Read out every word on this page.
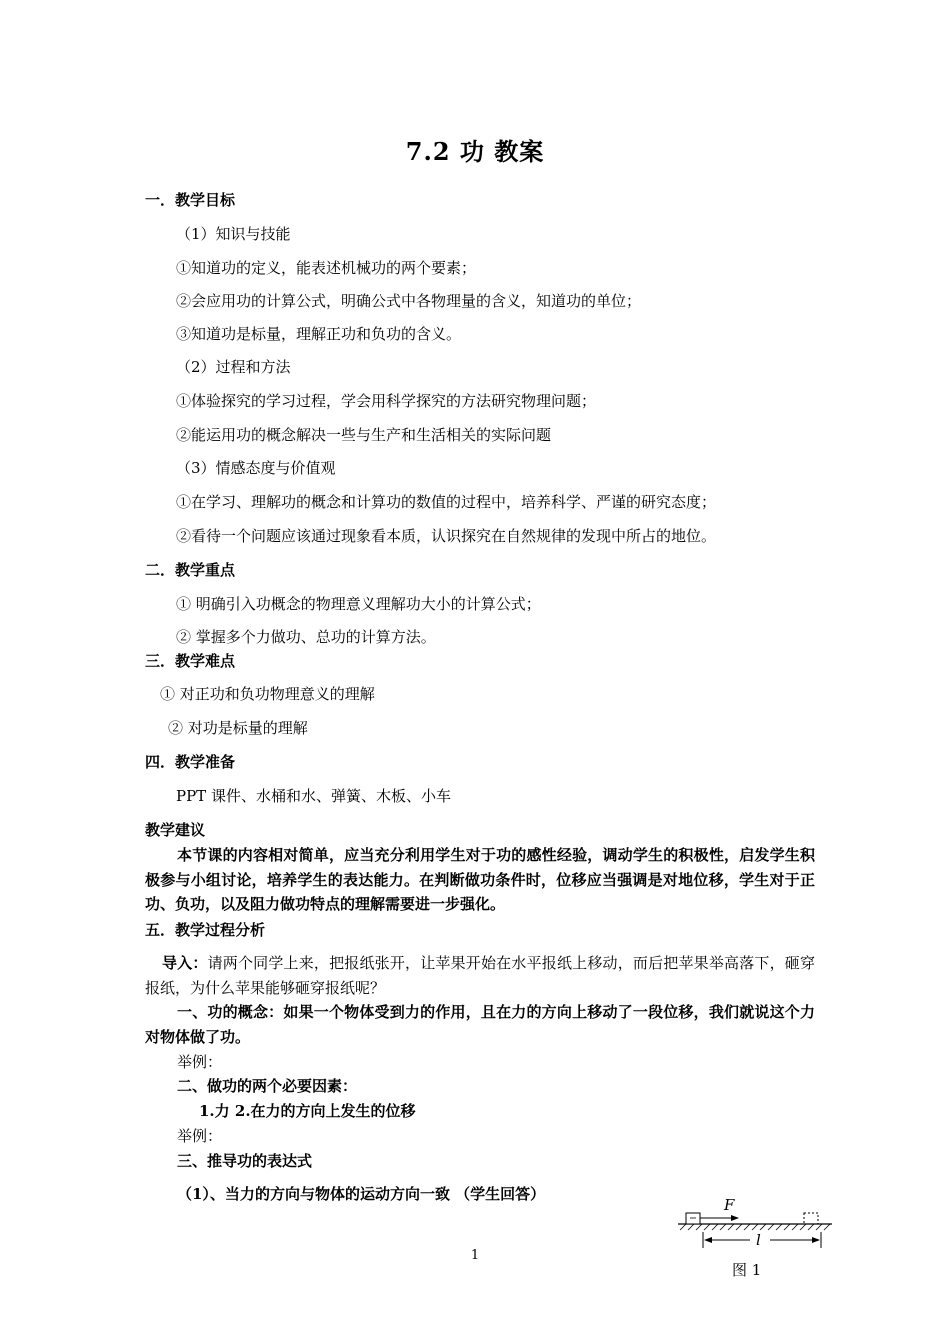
7.2 功 教案
一．教学目标
（1）知识与技能
①知道功的定义，能表述机械功的两个要素；
②会应用功的计算公式，明确公式中各物理量的含义，知道功的单位；
③知道功是标量，理解正功和负功的含义。
（2）过程和方法
①体验探究的学习过程，学会用科学探究的方法研究物理问题；
②能运用功的概念解决一些与生产和生活相关的实际问题
（3）情感态度与价值观
①在学习、理解功的概念和计算功的数值的过程中，培养科学、严谨的研究态度；
②看待一个问题应该通过现象看本质，认识探究在自然规律的发现中所占的地位。
二．教学重点
① 明确引入功概念的物理意义理解功大小的计算公式；
② 掌握多个力做功、总功的计算方法。
三．教学难点
① 对正功和负功物理意义的理解
② 对功是标量的理解
四．教学准备
PPT 课件、水桶和水、弹簧、木板、小车
教学建议
本节课的内容相对简单，应当充分利用学生对于功的感性经验，调动学生的积极性，启发学生积极参与小组讨论，培养学生的表达能力。在判断做功条件时，位移应当强调是对地位移，学生对于正功、负功，以及阻力做功特点的理解需要进一步强化。
五．教学过程分析
导入：请两个同学上来，把报纸张开，让苹果开始在水平报纸上移动，而后把苹果举高落下，砸穿报纸，为什么苹果能够砸穿报纸呢？
一、功的概念：如果一个物体受到力的作用，且在力的方向上移动了一段位移，我们就说这个力对物体做了功。
举例：
二、做功的两个必要因素：
1.力 2.在力的方向上发生的位移
举例：
三、推导功的表达式
（1）、当力的方向与物体的运动方向一致 （学生回答）
F
l
图 1
1
